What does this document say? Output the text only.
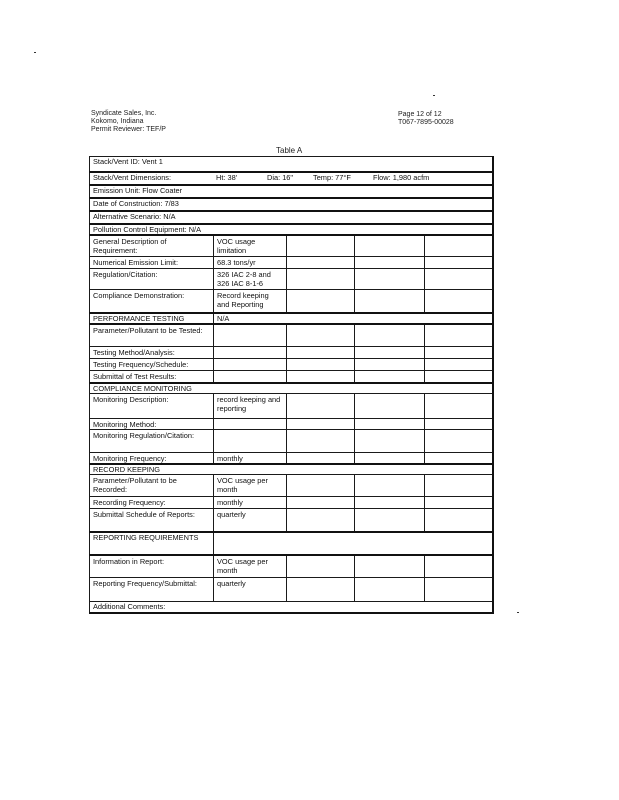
Syndicate Sales, Inc.
Kokomo, Indiana
Permit Reviewer: TEF/P
Page 12 of 12
T067-7895-00028
Table A
Stack/Vent ID: Vent 1				
Stack/Vent Dimensions: Ht: 38' Dia: 16" Temp: 77°F Flow: 1,980 acfm				
Emission Unit: Flow Coater				
Date of Construction: 7/83				
Alternative Scenario: N/A				
Pollution Control Equipment: N/A				
General Description of Requirement:	VOC usage limitation			
Numerical Emission Limit:	68.3 tons/yr			
Regulation/Citation:	326 IAC 2-8 and 326 IAC 8-1-6			
Compliance Demonstration:	Record keeping and Reporting			
PERFORMANCE TESTING	N/A			
Parameter/Pollutant to be Tested:				
Testing Method/Analysis:				
Testing Frequency/Schedule:				
Submittal of Test Results:				
COMPLIANCE MONITORING				
Monitoring Description:	record keeping and reporting			
Monitoring Method:				
Monitoring Regulation/Citation:				
Monitoring Frequency:	monthly			
RECORD KEEPING				
Parameter/Pollutant to be Recorded:	VOC usage per month			
Recording Frequency:	monthly			
Submittal Schedule of Reports:	quarterly			
REPORTING REQUIREMENTS				
Information in Report:	VOC usage per month			
Reporting Frequency/Submittal:	quarterly			
Additional Comments:				
